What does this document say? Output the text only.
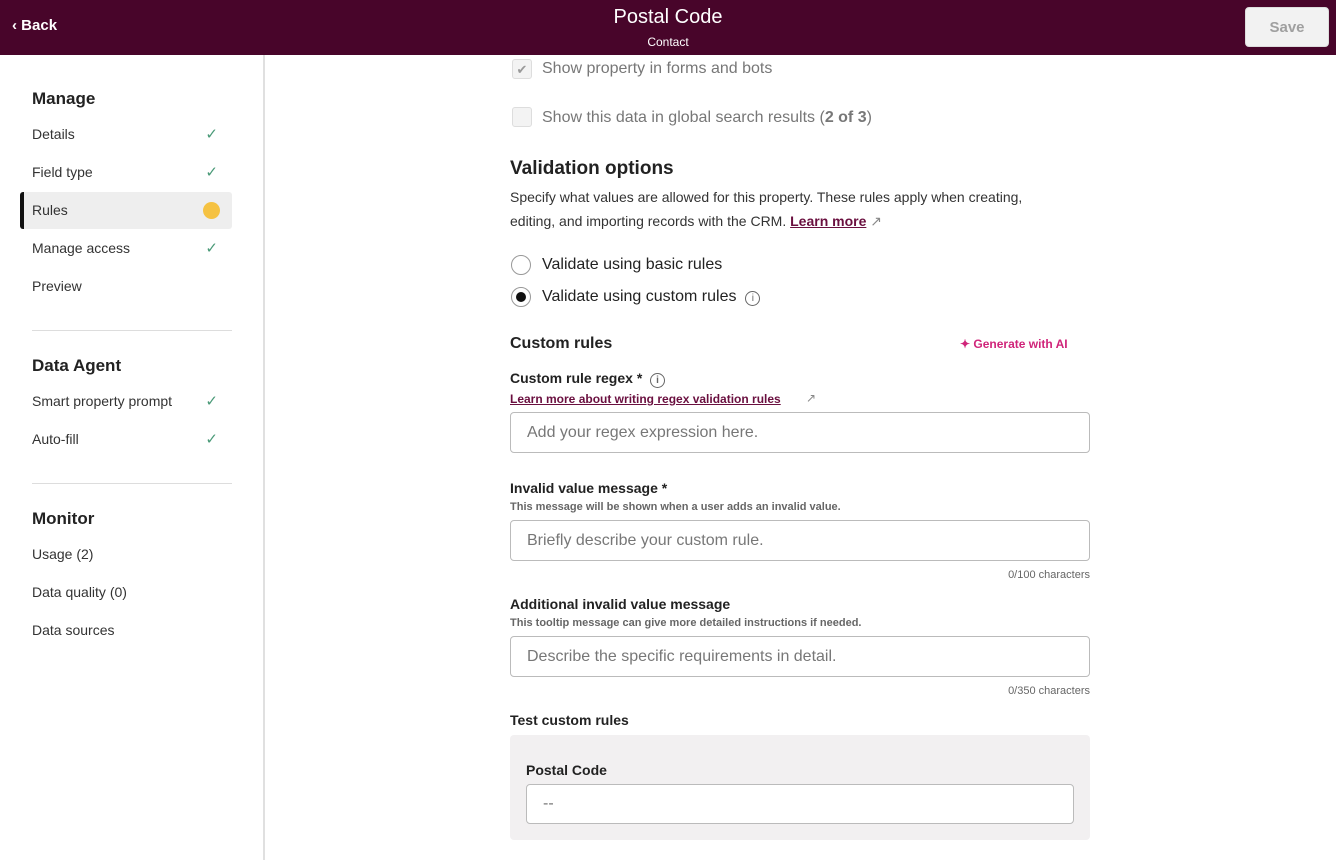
‹ Back	Postal Code
Contact
Save
Manage
Details	✓
Field type	✓
Rules
Manage access	✓
Preview
Data Agent
Smart property prompt ✓
Auto-fill	✓
Monitor
Usage (2)
Data quality (0)
Data sources
✔ Show property in forms and bots
Show this data in global search results (2 of 3)
Validation options
Specify what values are allowed for this property. These rules apply when creating,
editing, and importing records with the CRM. Learn more ↗
Validate using basic rules
Validate using custom rules i
Custom rules	✦ Generate with AI
Custom rule regex * i
Learn more about writing regex validation rules ↗
Add your regex expression here.
Invalid value message *
This message will be shown when a user adds an invalid value.
Briefly describe your custom rule.
0/100 characters
Additional invalid value message
This tooltip message can give more detailed instructions if needed.
Describe the specific requirements in detail.
0/350 characters
Test custom rules
Postal Code
--
